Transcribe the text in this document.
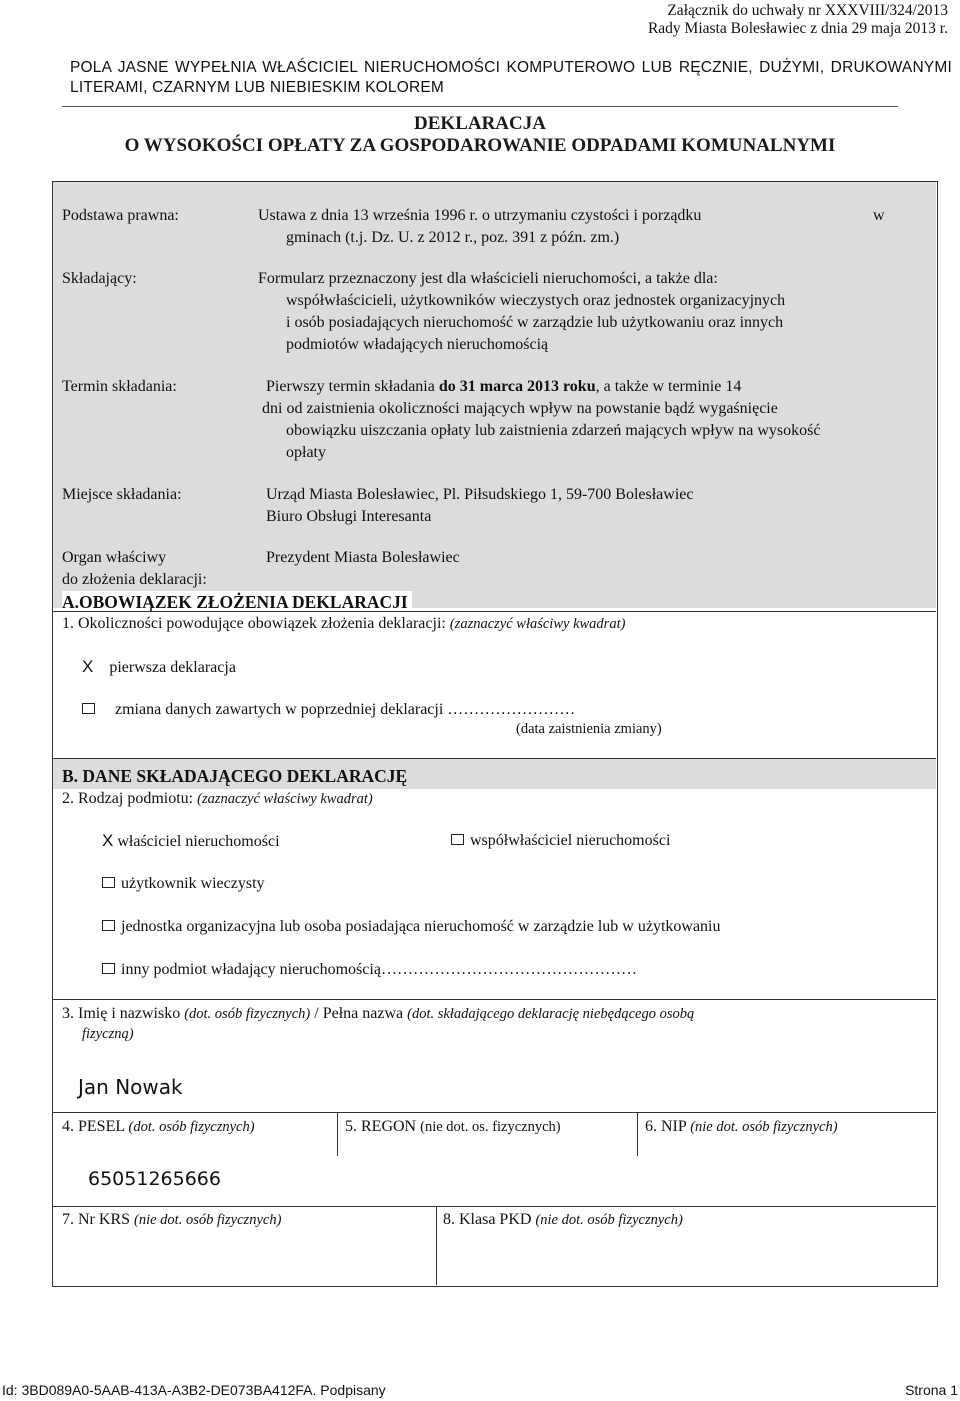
Załącznik do uchwały nr XXXVIII/324/2013
Rady Miasta Bolesławiec z dnia 29 maja 2013 r.
POLA JASNE WYPEŁNIA WŁAŚCICIEL NIERUCHOMOŚCI KOMPUTEROWO LUB RĘCZNIE, DUŻYMI, DRUKOWANYMI LITERAMI, CZARNYM LUB NIEBIESKIM KOLOREM
DEKLARACJA
O WYSOKOŚCI OPŁATY ZA GOSPODAROWANIE ODPADAMI KOMUNALNYMI
Podstawa prawna:	Ustawa z dnia 13 września 1996 r. o utrzymaniu czystości i porządku	w
gminach (t.j. Dz. U. z 2012 r., poz. 391 z późn. zm.)
Składający:	Formularz przeznaczony jest dla właścicieli nieruchomości, a także dla:
współwłaścicieli, użytkowników wieczystych oraz jednostek organizacyjnych
i osób posiadających nieruchomość w zarządzie lub użytkowaniu oraz innych
podmiotów władających nieruchomością
Termin składania:	Pierwszy termin składania do 31 marca 2013 roku, a także w terminie 14
dni od zaistnienia okoliczności mających wpływ na powstanie bądź wygaśnięcie
obowiązku uiszczania opłaty lub zaistnienia zdarzeń mających wpływ na wysokość
opłaty
Miejsce składania:	Urząd Miasta Bolesławiec, Pl. Piłsudskiego 1, 59-700 Bolesławiec
Biuro Obsługi Interesanta
Organ właściwy
do złożenia deklaracji:
Prezydent Miasta Bolesławiec
A.OBOWIĄZEK ZŁOŻENIA DEKLARACJI
1. Okoliczności powodujące obowiązek złożenia deklaracji: (zaznaczyć właściwy kwadrat)
X pierwsza deklaracja
zmiana danych zawartych w poprzedniej deklaracji ……………………
(data zaistnienia zmiany)
B. DANE SKŁADAJĄCEGO DEKLARACJĘ
2. Rodzaj podmiotu: (zaznaczyć właściwy kwadrat)
X właściciel nieruchomości	współwłaściciel nieruchomości
użytkownik wieczysty
jednostka organizacyjna lub osoba posiadająca nieruchomość w zarządzie lub w użytkowaniu
inny podmiot władający nieruchomością…………………………………………
3. Imię i nazwisko (dot. osób fizycznych) / Pełna nazwa (dot. składającego deklarację niebędącego osobą
fizyczną)
Jan Nowak
4. PESEL (dot. osób fizycznych)	5. REGON (nie dot. os. fizycznych)	6. NIP (nie dot. osób fizycznych)
65051265666
7. Nr KRS (nie dot. osób fizycznych)	8. Klasa PKD (nie dot. osób fizycznych)
Id: 3BD089A0-5AAB-413A-A3B2-DE073BA412FA. Podpisany	Strona 1
